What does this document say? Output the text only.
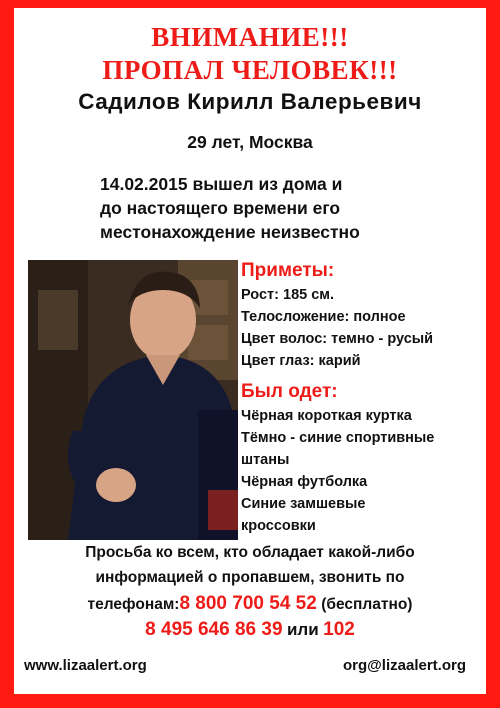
ВНИМАНИЕ!!!
ПРОПАЛ ЧЕЛОВЕК!!!
Садилов Кирилл Валерьевич
29 лет, Москва
14.02.2015 вышел из дома и
до настоящего времени его
местонахождение неизвестно
Приметы:
Рост: 185 см.
Телосложение: полное
Цвет волос: темно - русый
Цвет глаз: карий
Был одет:
Чёрная короткая куртка
Тёмно - синие спортивные
штаны
Чёрная футболка
Синие замшевые
кроссовки
Просьба ко всем, кто обладает какой-либо
информацией о пропавшем, звонить по
телефонам:8 800 700 54 52 (бесплатно)
8 495 646 86 39 или 102
www.lizaalert.org	org@lizaalert.org
